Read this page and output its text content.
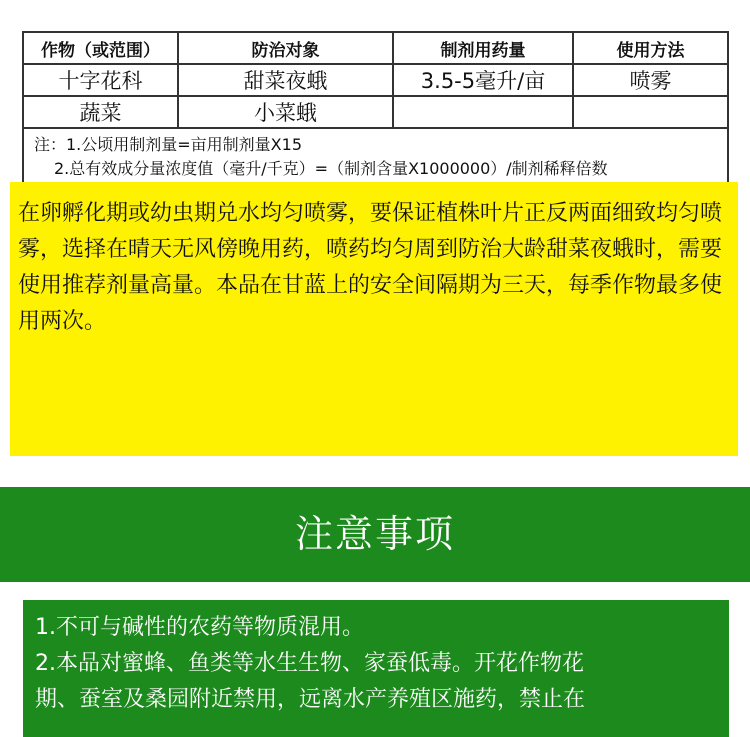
作物（或范围）	防治对象	制剂用药量	使用方法
十字花科	甜菜夜蛾	3.5-5毫升/亩	喷雾
蔬菜	小菜蛾		
注：1.公顷用制剂量=亩用制剂量X15
2.总有效成分量浓度值（毫升/千克）=（制剂含量X1000000）/制剂稀释倍数			

在卵孵化期或幼虫期兑水均匀喷雾，要保证植株叶片正反两面细致均匀喷雾，选择在晴天无风傍晚用药，喷药均匀周到防治大龄甜菜夜蛾时，需要使用推荐剂量高量。本品在甘蓝上的安全间隔期为三天，每季作物最多使用两次。

注意事项
1.不可与碱性的农药等物质混用。
2.本品对蜜蜂、鱼类等水生生物、家蚕低毒。开花作物花
期、蚕室及桑园附近禁用，远离水产养殖区施药，禁止在
